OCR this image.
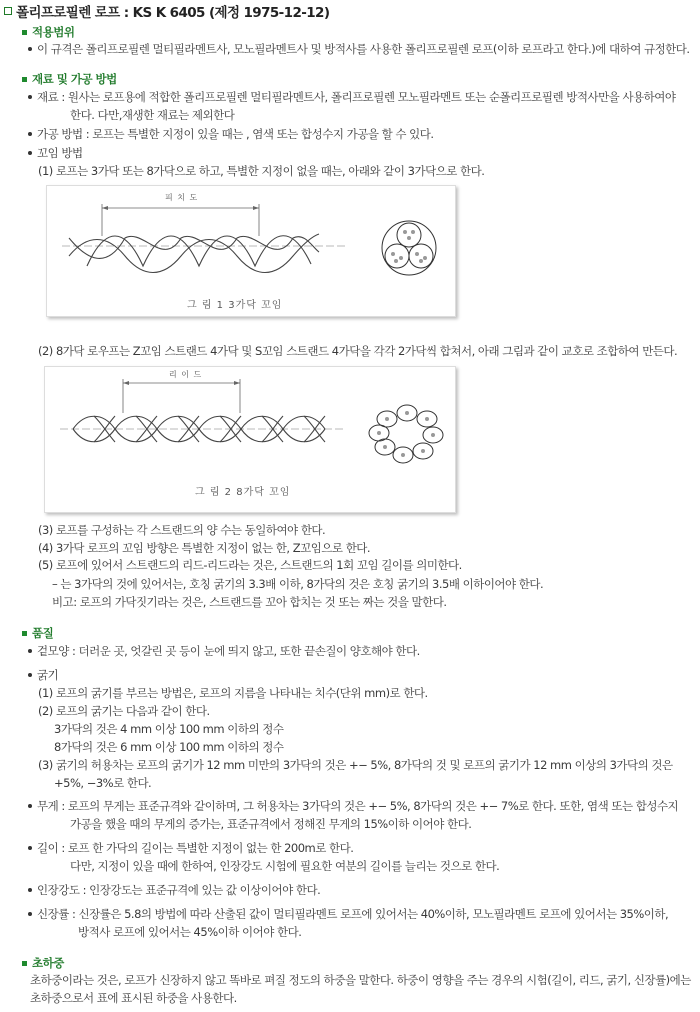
폴리프로필렌 로프 : KS K 6405 (제정 1975-12-12)
적용범위
이 규격은 폴리프로필렌 멀티필라멘트사, 모노필라멘트사 및 방적사를 사용한 폴리프로필렌 로프(이하 로프라고 한다.)에 대하여 규정한다.
재료 및 가공 방법
재료 : 원사는 로프용에 적합한 폴리프로필렌 멀티필라멘트사, 폴리프로필렌 모노필라멘트 또는 순폴리프로필렌 방적사만을 사용하여야
한다. 다만,재생한 재료는 제외한다
가공 방법 : 로프는 특별한 지정이 있을 때는 , 염색 또는 합성수지 가공을 할 수 있다.
꼬임 방법
(1) 로프는 3가닥 또는 8가닥으로 하고, 특별한 지정이 없을 때는, 아래와 같이 3가닥으로 한다.
피 치 도
그 림 1 3가닥 꼬임
(2) 8가닥 로우프는 Z꼬임 스트랜드 4가닥 및 S꼬임 스트랜드 4가닥을 각각 2가닥씩 합쳐서, 아래 그림과 같이 교호로 조합하여 만든다.
리 이 드
그 림 2 8가닥 꼬임
(3) 로프를 구성하는 각 스트랜드의 양 수는 동일하여야 한다.
(4) 3가닥 로프의 꼬임 방향은 특별한 지정이 없는 한, Z꼬임으로 한다.
(5) 로프에 있어서 스트랜드의 리드-리드라는 것은, 스트랜드의 1회 꼬임 길이를 의미한다.
– 는 3가닥의 것에 있어서는, 호칭 굵기의 3.3배 이하, 8가닥의 것은 호칭 굵기의 3.5배 이하이어야 한다.
비고: 로프의 가닥짓기라는 것은, 스트랜드를 꼬아 합치는 것 또는 짜는 것을 말한다.
품질
겉모양 : 더러운 곳, 엇갈린 곳 등이 눈에 띄지 않고, 또한 끝손질이 양호해야 한다.
굵기
(1) 로프의 굵기를 부르는 방법은, 로프의 지름을 나타내는 치수(단위 mm)로 한다.
(2) 로프의 굵기는 다음과 같이 한다.
3가닥의 것은 4 mm 이상 100 mm 이하의 정수
8가닥의 것은 6 mm 이상 100 mm 이하의 정수
(3) 굵기의 허용차는 로프의 굵기가 12 mm 미만의 3가닥의 것은 +− 5%, 8가닥의 것 및 로프의 굵기가 12 mm 이상의 3가닥의 것은
+5%, −3%로 한다.
무게 : 로프의 무게는 표준규격와 같이하며, 그 허용차는 3가닥의 것은 +− 5%, 8가닥의 것은 +− 7%로 한다. 또한, 염색 또는 합성수지
가공을 했을 때의 무게의 증가는, 표준규격에서 정해진 무게의 15%이하 이어야 한다.
길이 : 로프 한 가닥의 길이는 특별한 지정이 없는 한 200m로 한다.
다만, 지정이 있을 때에 한하여, 인장강도 시험에 필요한 여분의 길이를 늘리는 것으로 한다.
인장강도 : 인장강도는 표준규격에 있는 값 이상이어야 한다.
신장률 : 신장률은 5.8의 방법에 따라 산출된 값이 멀티필라멘트 로프에 있어서는 40%이하, 모노필라멘트 로프에 있어서는 35%이하,
방적사 로프에 있어서는 45%이하 이어야 한다.
초하중
초하중이라는 것은, 로프가 신장하지 않고 똑바로 펴질 정도의 하중을 말한다. 하중이 영향을 주는 경우의 시험(길이, 리드, 굵기, 신장률)에는
초하중으로서 표에 표시된 하중을 사용한다.
